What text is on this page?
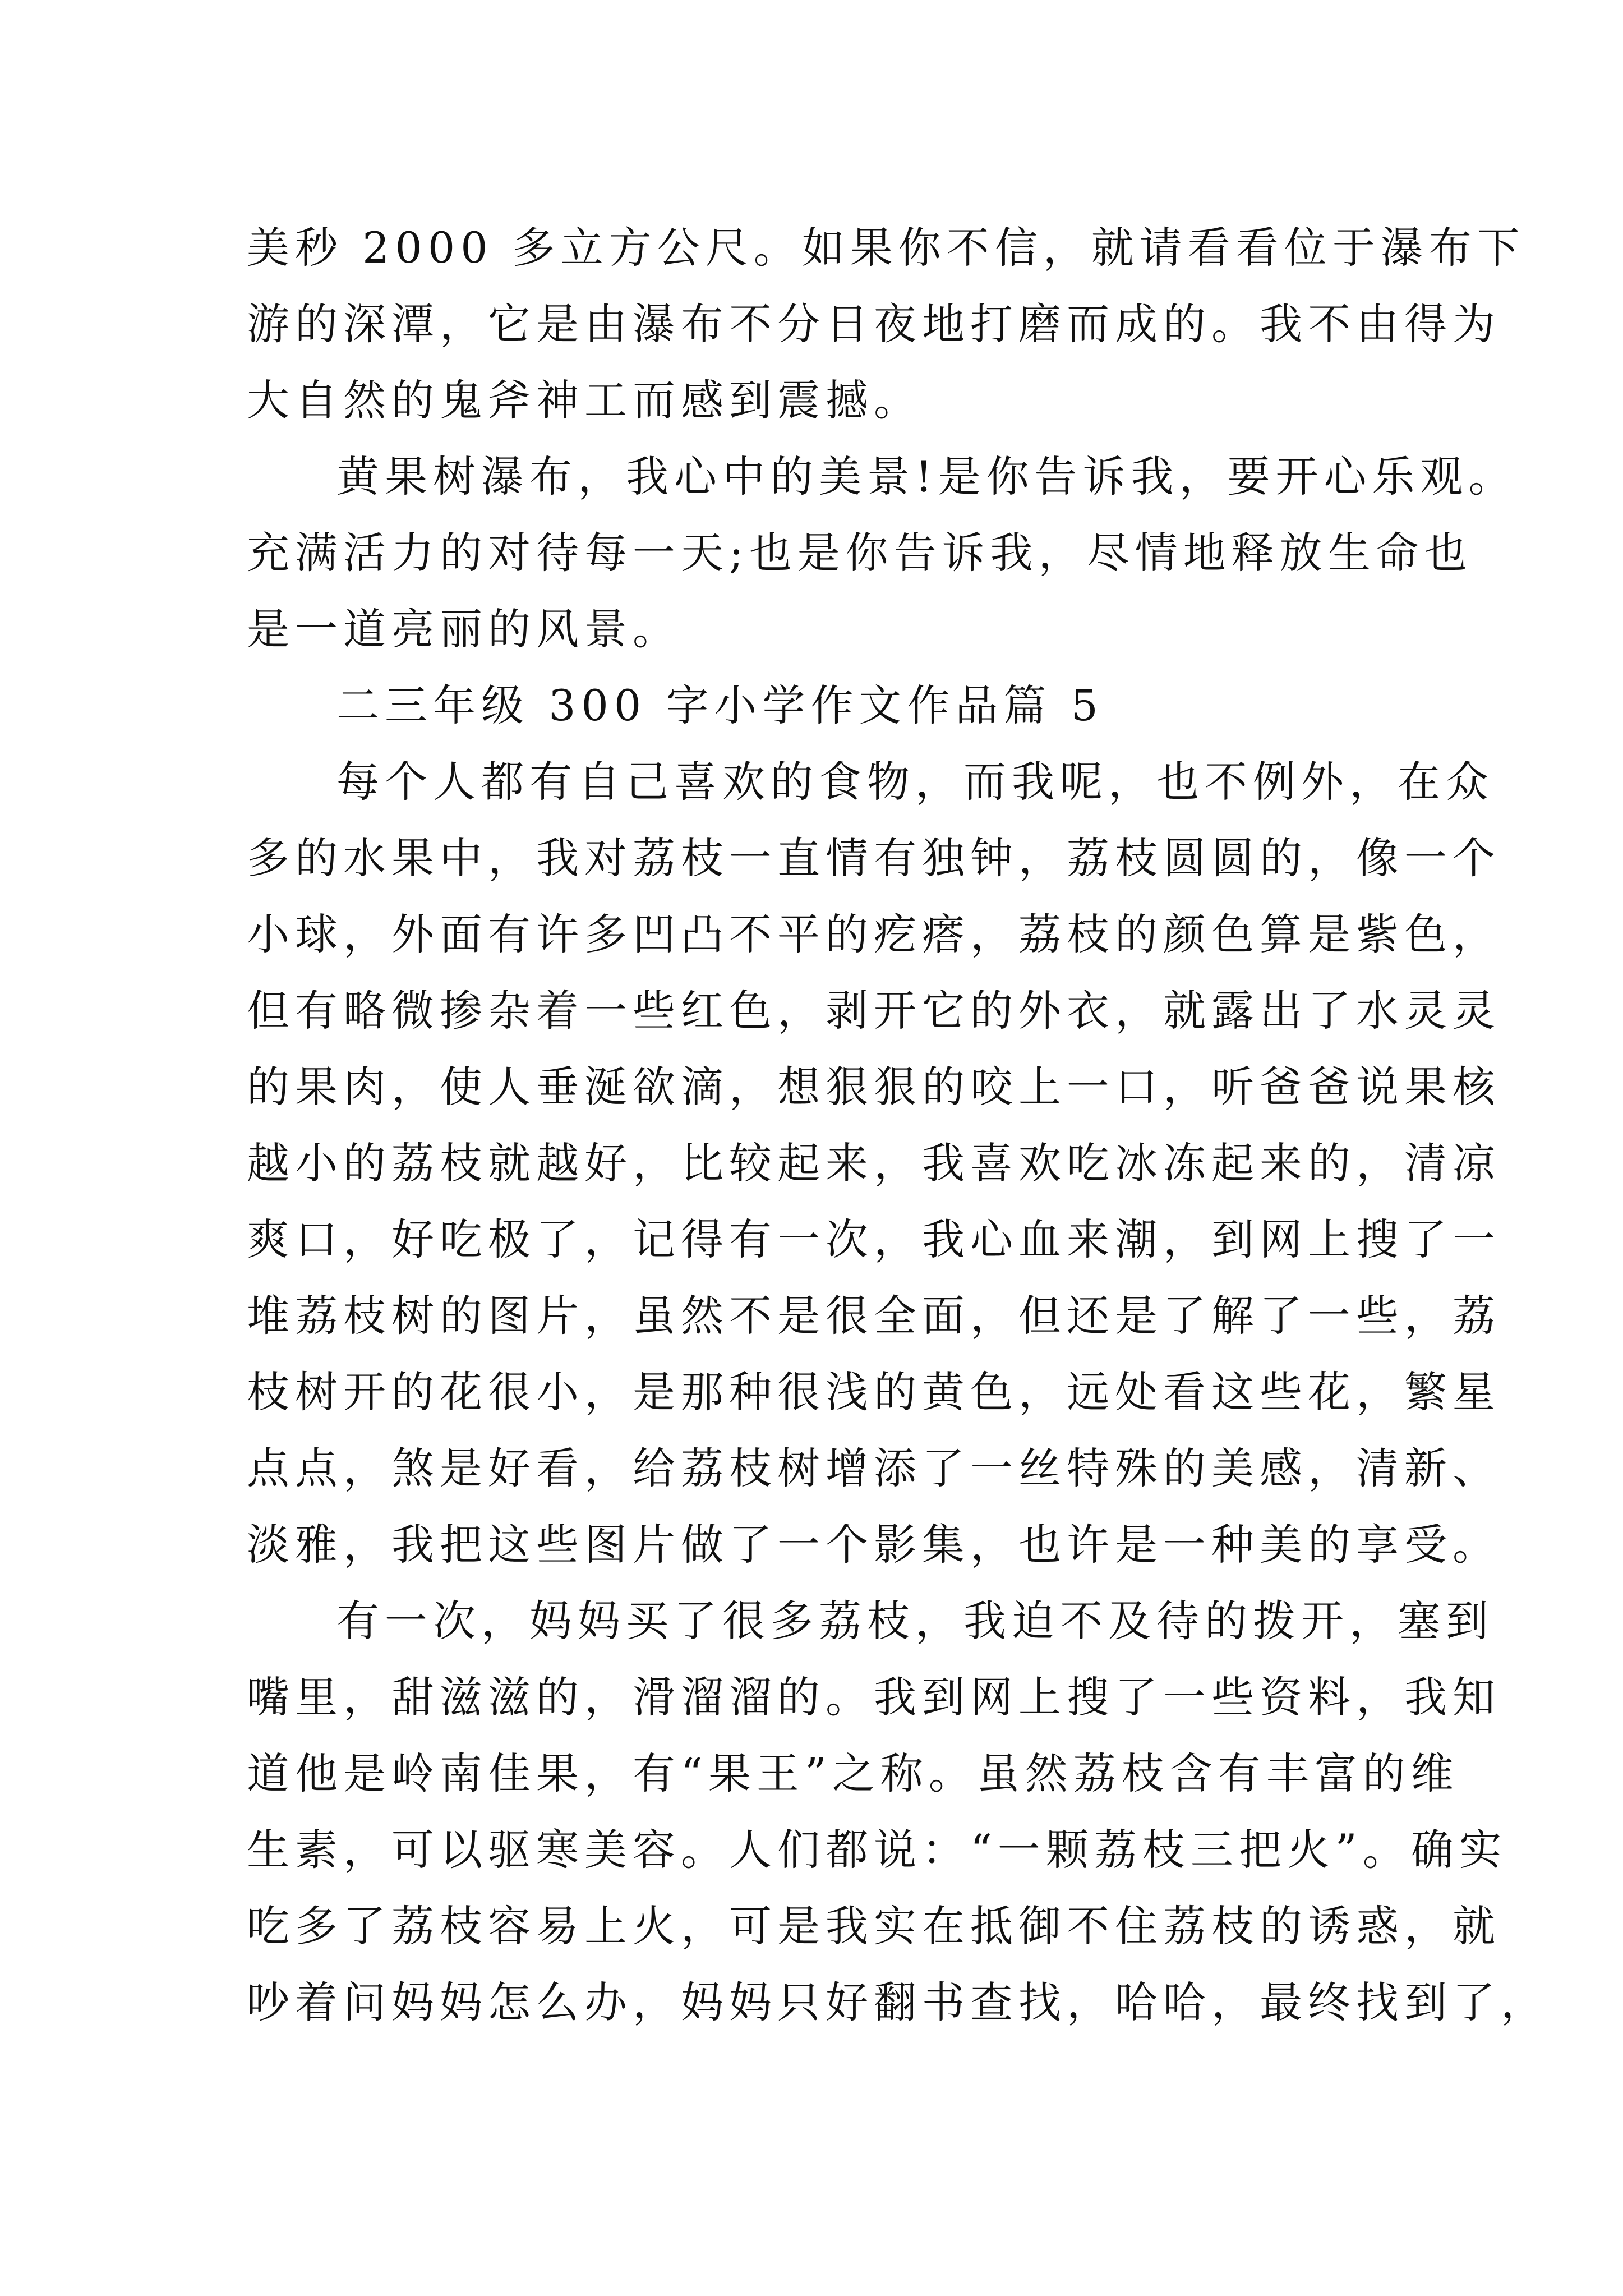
美秒 2000 多立方公尺。如果你不信，就请看看位于瀑布下
游的深潭，它是由瀑布不分日夜地打磨而成的。我不由得为
大自然的鬼斧神工而感到震撼。
黄果树瀑布，我心中的美景!是你告诉我，要开心乐观。
充满活力的对待每一天;也是你告诉我，尽情地释放生命也
是一道亮丽的风景。
二三年级 300 字小学作文作品篇 5
每个人都有自己喜欢的食物，而我呢，也不例外，在众
多的水果中，我对荔枝一直情有独钟，荔枝圆圆的，像一个
小球，外面有许多凹凸不平的疙瘩，荔枝的颜色算是紫色，
但有略微掺杂着一些红色，剥开它的外衣，就露出了水灵灵
的果肉，使人垂涎欲滴，想狠狠的咬上一口，听爸爸说果核
越小的荔枝就越好，比较起来，我喜欢吃冰冻起来的，清凉
爽口，好吃极了，记得有一次，我心血来潮，到网上搜了一
堆荔枝树的图片，虽然不是很全面，但还是了解了一些，荔
枝树开的花很小，是那种很浅的黄色，远处看这些花，繁星
点点，煞是好看，给荔枝树增添了一丝特殊的美感，清新、
淡雅，我把这些图片做了一个影集，也许是一种美的享受。
有一次，妈妈买了很多荔枝，我迫不及待的拨开，塞到
嘴里，甜滋滋的，滑溜溜的。我到网上搜了一些资料，我知
道他是岭南佳果，有“果王”之称。虽然荔枝含有丰富的维
生素，可以驱寒美容。人们都说：“一颗荔枝三把火”。确实
吃多了荔枝容易上火，可是我实在抵御不住荔枝的诱惑，就
吵着问妈妈怎么办，妈妈只好翻书查找，哈哈，最终找到了，
